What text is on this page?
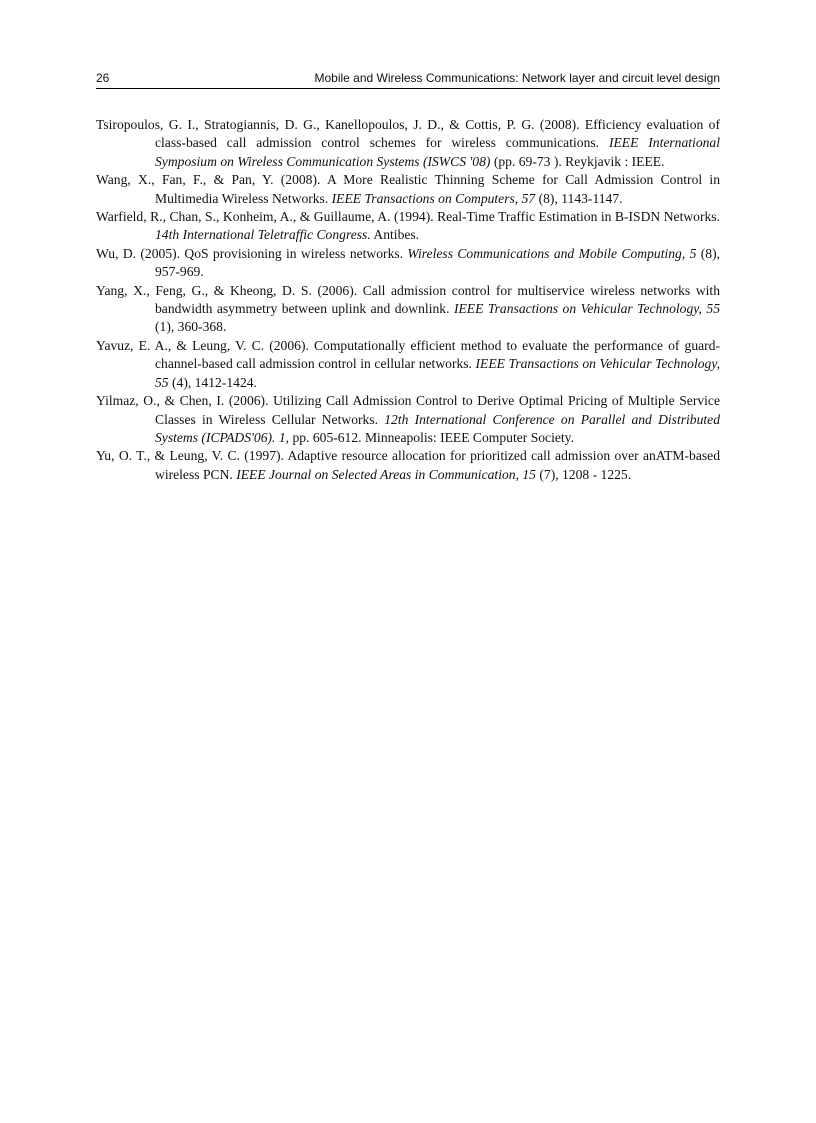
26	Mobile and Wireless Communications: Network layer and circuit level design
Tsiropoulos, G. I., Stratogiannis, D. G., Kanellopoulos, J. D., & Cottis, P. G. (2008). Efficiency evaluation of class-based call admission control schemes for wireless communications. IEEE International Symposium on Wireless Communication Systems (ISWCS '08) (pp. 69-73 ). Reykjavik : IEEE.
Wang, X., Fan, F., & Pan, Y. (2008). A More Realistic Thinning Scheme for Call Admission Control in Multimedia Wireless Networks. IEEE Transactions on Computers, 57 (8), 1143-1147.
Warfield, R., Chan, S., Konheim, A., & Guillaume, A. (1994). Real-Time Traffic Estimation in B-ISDN Networks. 14th International Teletraffic Congress. Antibes.
Wu, D. (2005). QoS provisioning in wireless networks. Wireless Communications and Mobile Computing, 5 (8), 957-969.
Yang, X., Feng, G., & Kheong, D. S. (2006). Call admission control for multiservice wireless networks with bandwidth asymmetry between uplink and downlink. IEEE Transactions on Vehicular Technology, 55 (1), 360-368.
Yavuz, E. A., & Leung, V. C. (2006). Computationally efficient method to evaluate the performance of guard-channel-based call admission control in cellular networks. IEEE Transactions on Vehicular Technology, 55 (4), 1412-1424.
Yilmaz, O., & Chen, I. (2006). Utilizing Call Admission Control to Derive Optimal Pricing of Multiple Service Classes in Wireless Cellular Networks. 12th International Conference on Parallel and Distributed Systems (ICPADS'06). 1, pp. 605-612. Minneapolis: IEEE Computer Society.
Yu, O. T., & Leung, V. C. (1997). Adaptive resource allocation for prioritized call admission over anATM-based wireless PCN. IEEE Journal on Selected Areas in Communication, 15 (7), 1208 - 1225.
